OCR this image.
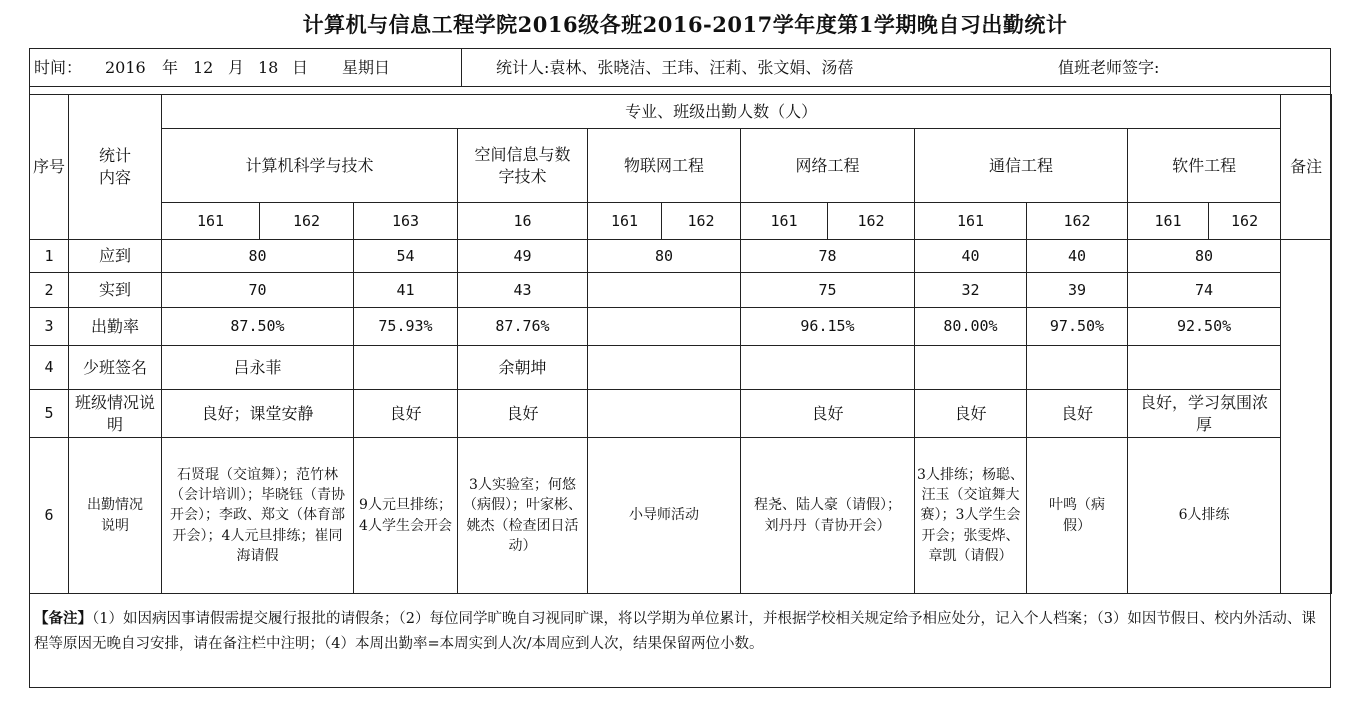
计算机与信息工程学院2016级各班2016-2017学年度第1学期晚自习出勤统计
时间： 2016 年 12 月 18 日 星期日	统计人:袁林、张晓洁、王玮、汪莉、张文娟、汤蓓	值班老师签字:
序号	统计内容	专业、班级出勤人数（人）												备注
		计算机科学与技术			空间信息与数字技术	物联网工程		网络工程		通信工程		软件工程		
		161	162	163	16	161	162	161	162	161	162	161	162	
1	应到	80		54	49	80		78		40	40	80		
2	实到	70		41	43			75		32	39	74		
3	出勤率	87.50%		75.93%	87.76%			96.15%		80.00%	97.50%	92.50%		
4	少班签名	吕永菲			余朝坤									
5	班级情况说明	良好；课堂安静		良好	良好			良好		良好	良好	良好，学习氛围浓厚		
6	出勤情况说明	石贤琨（交谊舞）；范竹林（会计培训）；毕晓钰（青协开会）；李政、郑文（体育部开会）；4人元旦排练；崔同海请假		9人元旦排练；4人学生会开会	3人实验室；何悠（病假）；叶家彬、姚杰（检查团日活动）	小导师活动		程尧、陆人豪（请假）；刘丹丹（青协开会）		3人排练；杨聪、汪玉（交谊舞大赛）；3人学生会开会；张雯烨、章凯（请假）	叶鸣（病假）	6人排练		
【备注】（1）如因病因事请假需提交履行报批的请假条；（2）每位同学旷晚自习视同旷课，将以学期为单位累计，并根据学校相关规定给予相应处分，记入个人档案；（3）如因节假日、校内外活动、课程等原因无晚自习安排，请在备注栏中注明；（4）本周出勤率=本周实到人次/本周应到人次，结果保留两位小数。
